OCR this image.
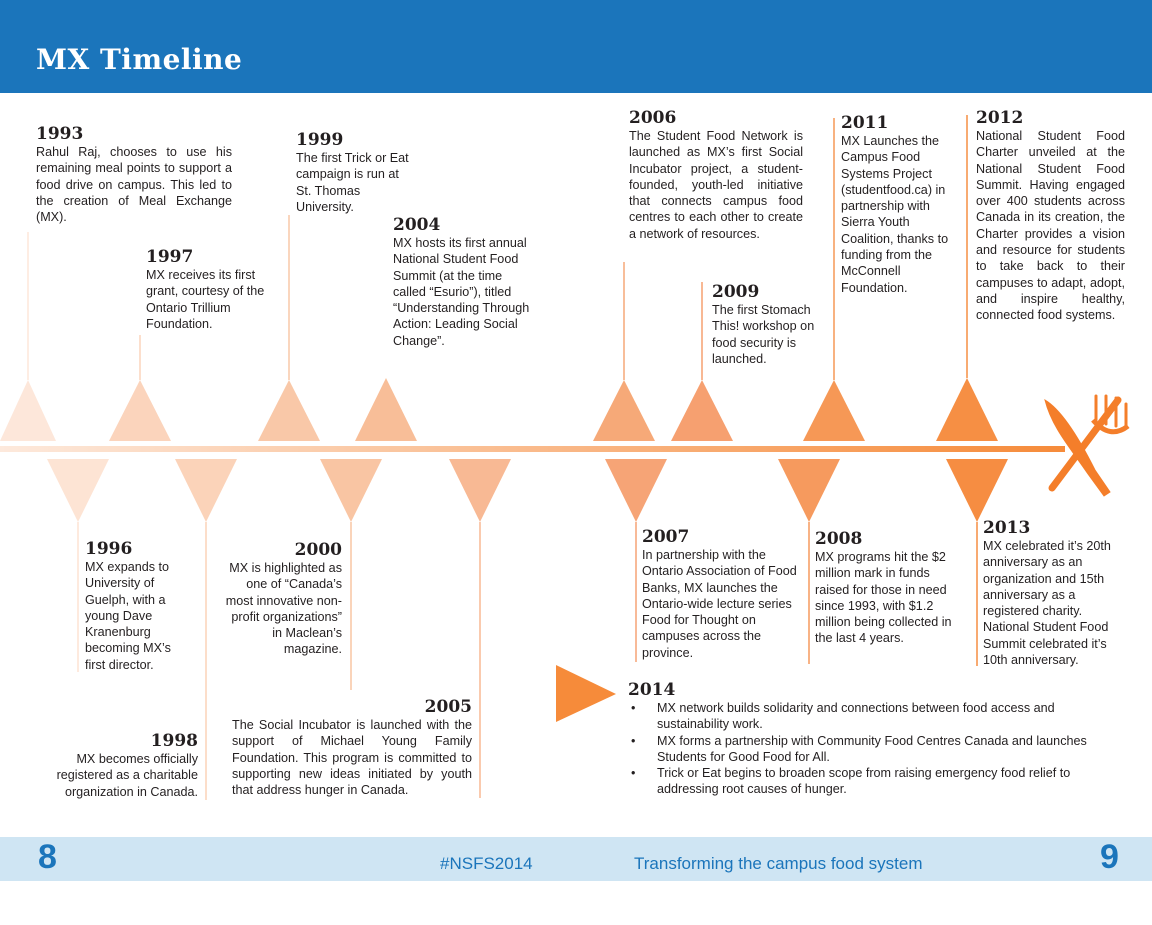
MX Timeline
1993
Rahul Raj, chooses to use his remaining meal points to support a food drive on campus. This led to the creation of Meal Exchange (MX).
1997
MX receives its first grant, courtesy of the Ontario Trillium Foundation.
1999
The first Trick or Eat campaign is run at St. Thomas University.
2004
MX hosts its first annual National Student Food Summit (at the time called “Esurio”), titled “Understanding Through Action: Leading Social Change”.
2006
The Student Food Network is launched as MX’s first Social Incubator project, a student-founded, youth-led initiative that connects campus food centres to each other to create a network of resources.
2009
The first Stomach This! workshop on food security is launched.
2011
MX Launches the Campus Food Systems Project (studentfood.ca) in partnership with Sierra Youth Coalition, thanks to funding from the McConnell Foundation.
2012
National Student Food Charter unveiled at the National Student Food Summit. Having engaged over 400 students across Canada in its creation, the Charter provides a vision and resource for students to take back to their campuses to adapt, adopt, and inspire healthy, connected food systems.
1996
MX expands to University of Guelph, with a young Dave Kranenburg becoming MX’s first director.
2000
MX is highlighted as one of “Canada’s most innovative non-profit organizations” in Maclean’s magazine.
1998
MX becomes officially registered as a charitable organization in Canada.
2005
The Social Incubator is launched with the support of Michael Young Family Foundation. This program is committed to supporting new ideas initiated by youth that address hunger in Canada.
2007
In partnership with the Ontario Association of Food Banks, MX launches the Ontario-wide lecture series Food for Thought on campuses across the province.
2008
MX programs hit the $2 million mark in funds raised for those in need since 1993, with $1.2 million being collected in the last 4 years.
2013
MX celebrated it’s 20th anniversary as an organization and 15th anniversary as a registered charity. National Student Food Summit celebrated it’s 10th anniversary.
2014
• MX network builds solidarity and connections between food access and sustainability work.
• MX forms a partnership with Community Food Centres Canada and launches Students for Good Food for All.
• Trick or Eat begins to broaden scope from raising emergency food relief to addressing root causes of hunger.
8	#NSFS2014	Transforming the campus food system	9
